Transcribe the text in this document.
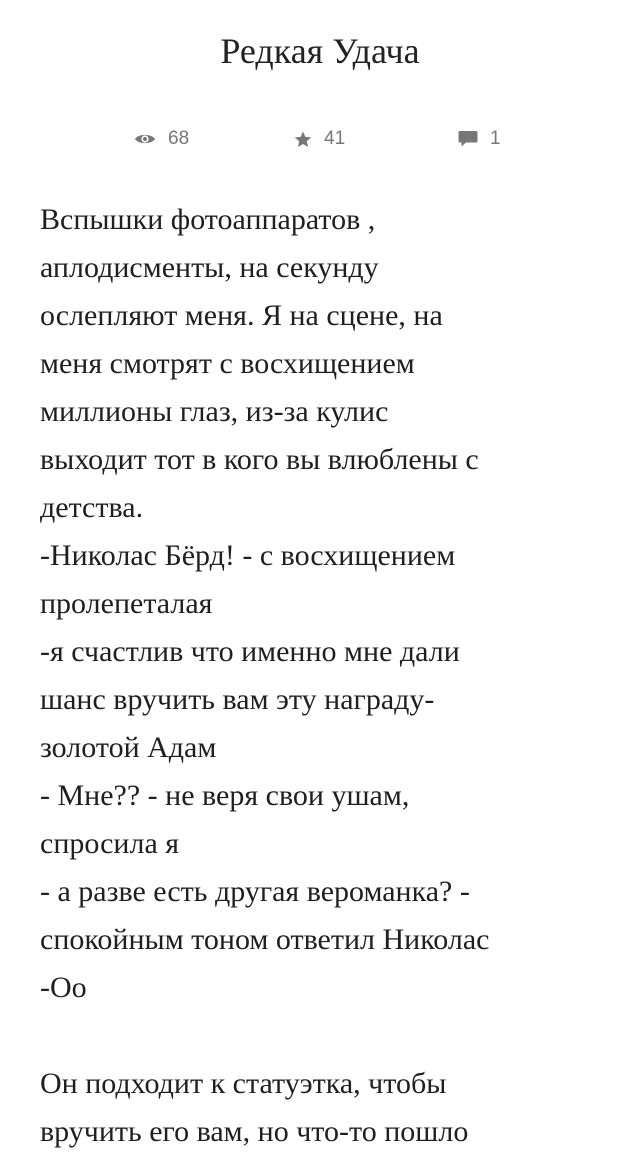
Редкая Удача
68	41	1

Вспышки фотоаппаратов ,
аплодисменты, на секунду
ослепляют меня. Я на сцене, на
меня смотрят с восхищением
миллионы глаз, из-за кулис
выходит тот в кого вы влюблены с
детства.
-Николас Бёрд! - с восхищением
пролепеталая
-я счастлив что именно мне дали
шанс вручить вам эту награду-
золотой Адам
- Мне?? - не веря свои ушам,
спросила я
- а разве есть другая вероманка? -
спокойным тоном ответил Николас
-Оо

Он подходит к статуэтка, чтобы
вручить его вам, но что-то пошло
